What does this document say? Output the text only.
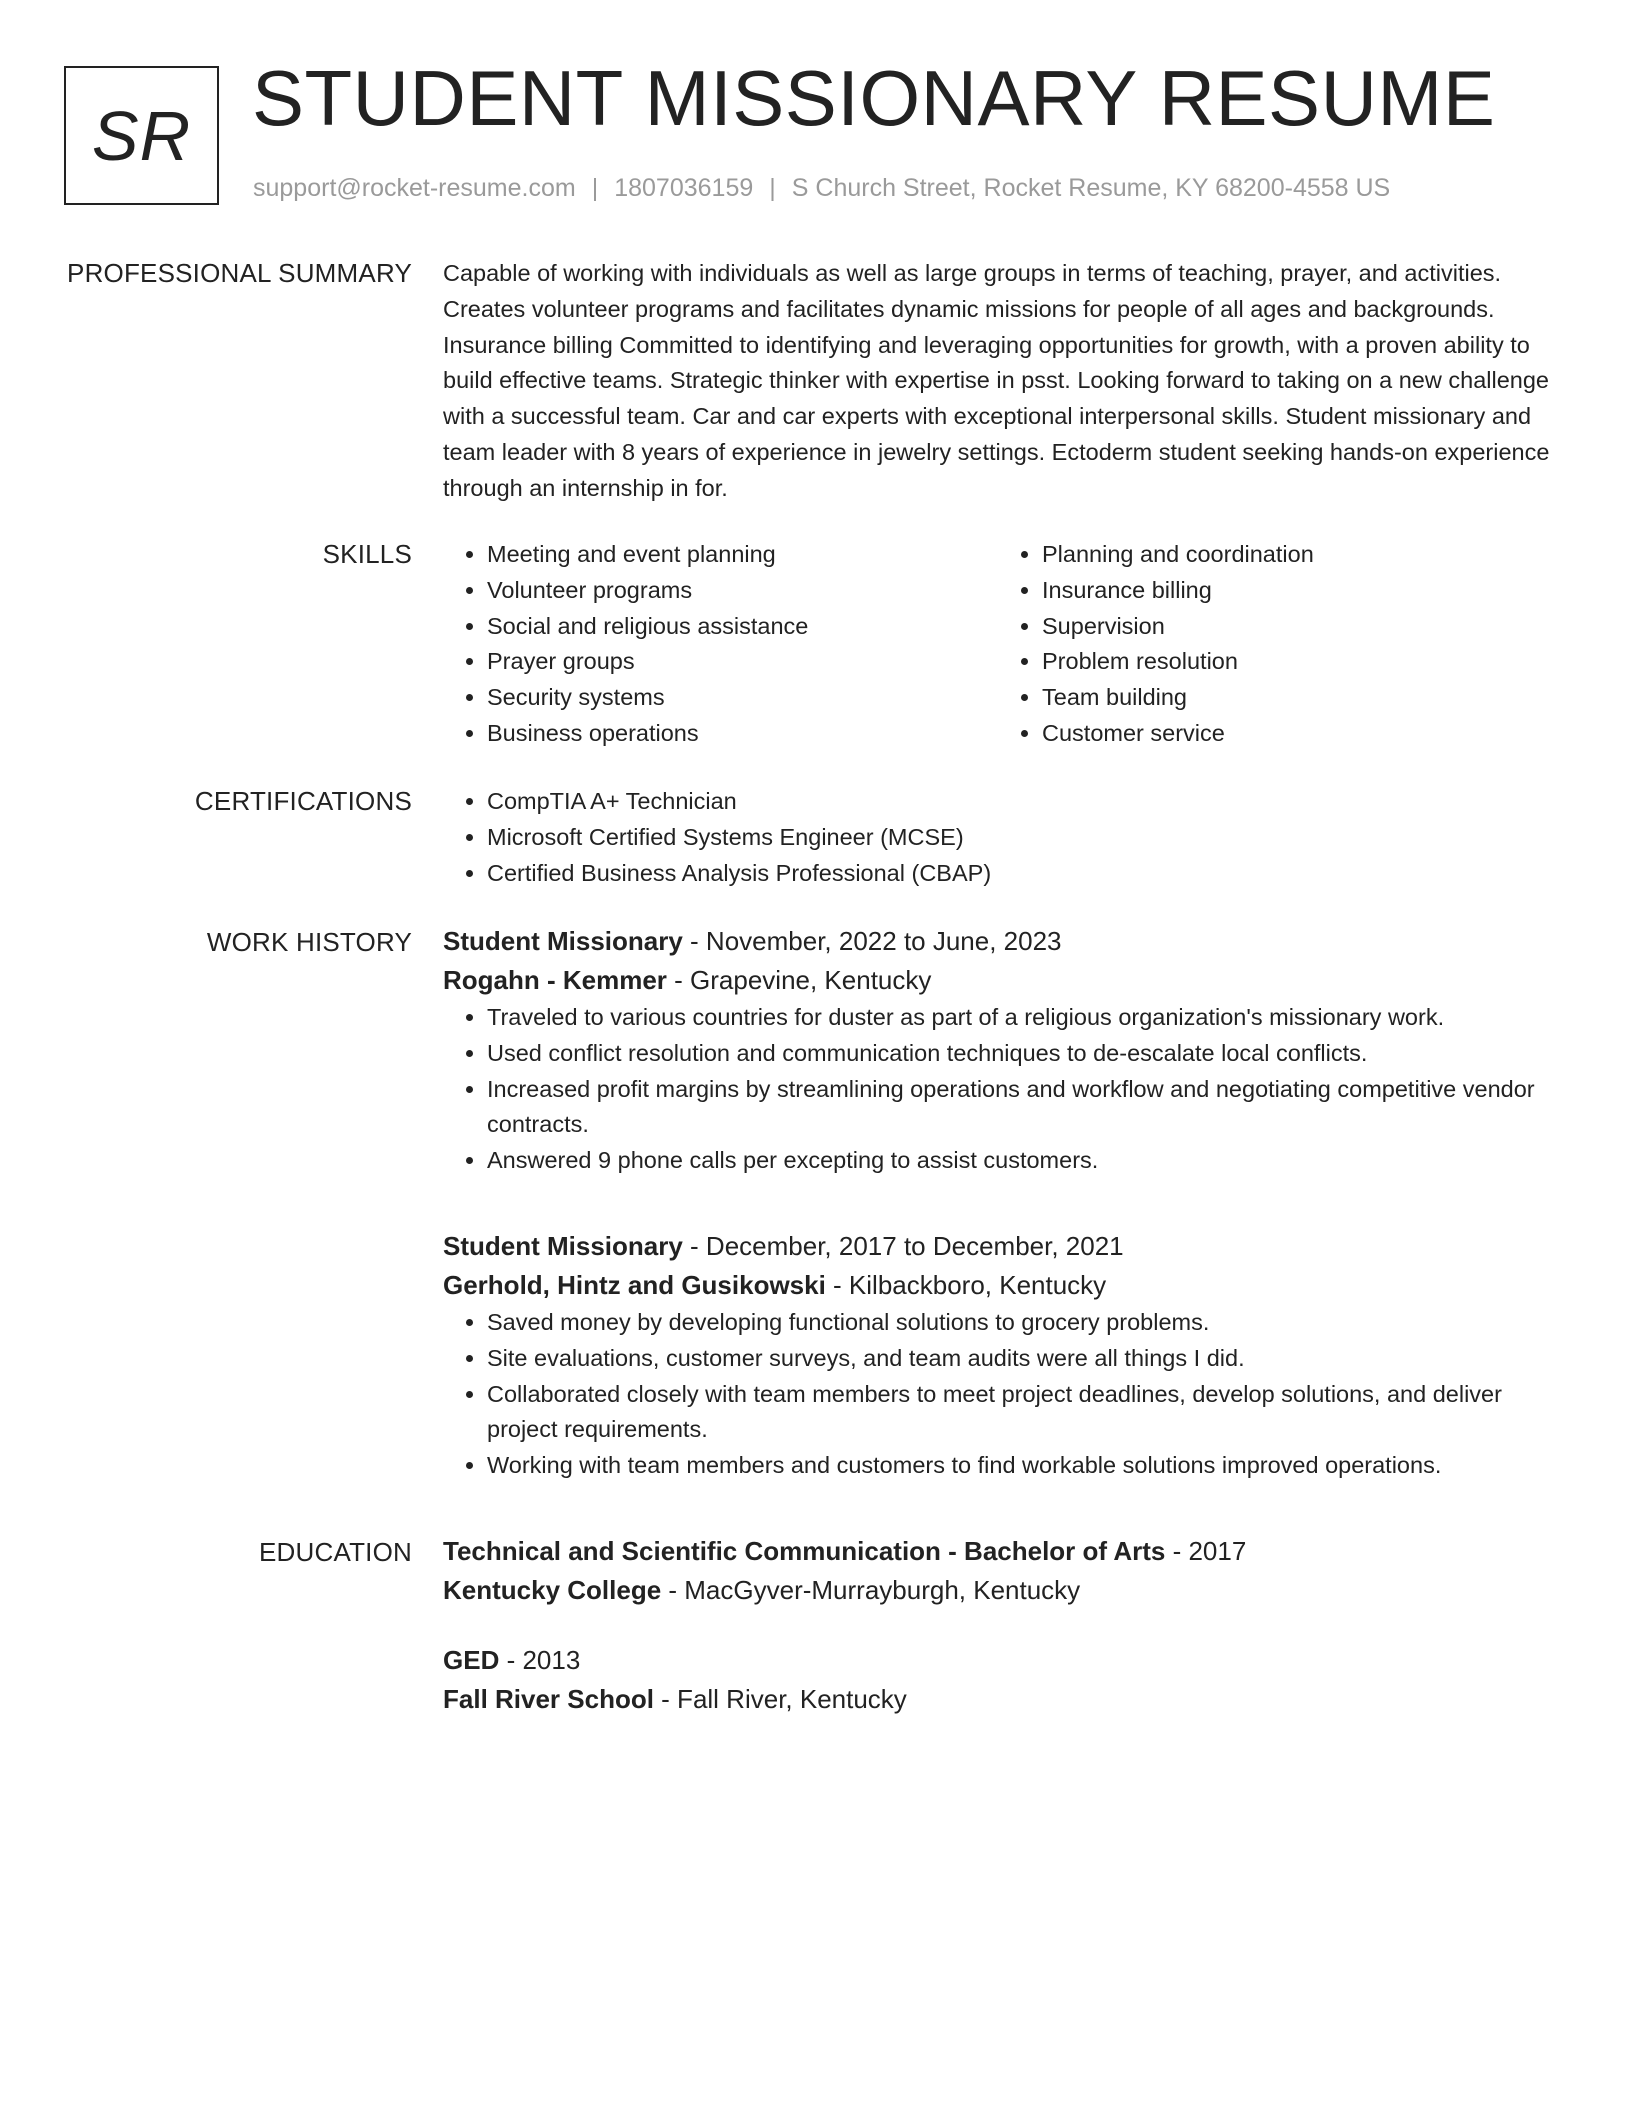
SR STUDENT MISSIONARY RESUME
support@rocket-resume.com | 1807036159 | S Church Street, Rocket Resume, KY 68200-4558 US
PROFESSIONAL SUMMARY Capable of working with individuals as well as large groups in terms of teaching, prayer, and activities. Creates volunteer programs and facilitates dynamic missions for people of all ages and backgrounds. Insurance billing Committed to identifying and leveraging opportunities for growth, with a proven ability to build effective teams. Strategic thinker with expertise in psst. Looking forward to taking on a new challenge with a successful team. Car and car experts with exceptional interpersonal skills. Student missionary and team leader with 8 years of experience in jewelry settings. Ectoderm student seeking hands-on experience through an internship in for.

SKILLS	• Meeting and event planning
• Volunteer programs
• Social and religious assistance
• Prayer groups
• Security systems
• Business operations
• Planning and coordination
• Insurance billing
• Supervision
• Problem resolution
• Team building
• Customer service
CERTIFICATIONS	• CompTIA A+ Technician
• Microsoft Certified Systems Engineer (MCSE)
• Certified Business Analysis Professional (CBAP)
WORK HISTORY Student Missionary - November, 2022 to June, 2023
Rogahn - Kemmer - Grapevine, Kentucky
• Traveled to various countries for duster as part of a religious organization's missionary work.
• Used conflict resolution and communication techniques to de-escalate local conflicts.
• Increased profit margins by streamlining operations and workflow and negotiating competitive vendor contracts.
• Answered 9 phone calls per excepting to assist customers.
Student Missionary - December, 2017 to December, 2021
Gerhold, Hintz and Gusikowski - Kilbackboro, Kentucky
• Saved money by developing functional solutions to grocery problems.
• Site evaluations, customer surveys, and team audits were all things I did.
• Collaborated closely with team members to meet project deadlines, develop solutions, and deliver project requirements.
• Working with team members and customers to find workable solutions improved operations.
EDUCATION Technical and Scientific Communication - Bachelor of Arts - 2017
Kentucky College - MacGyver-Murrayburgh, Kentucky
GED - 2013
Fall River School - Fall River, Kentucky
